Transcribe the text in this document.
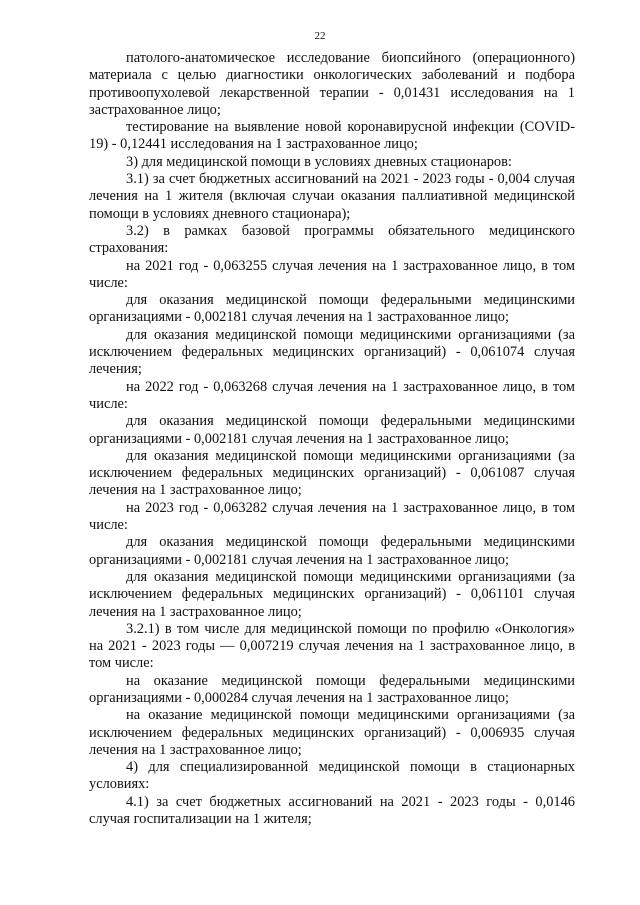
22

патолого-анатомическое исследование биопсийного (операционного) материала с целью диагностики онкологических заболеваний и подбора противоопухолевой лекарственной терапии - 0,01431 исследования на 1 застрахованное лицо;

тестирование на выявление новой коронавирусной инфекции (COVID-19) - 0,12441 исследования на 1 застрахованное лицо;

3) для медицинской помощи в условиях дневных стационаров:

3.1) за счет бюджетных ассигнований на 2021 - 2023 годы - 0,004 случая лечения на 1 жителя (включая случаи оказания паллиативной медицинской помощи в условиях дневного стационара);

3.2) в рамках базовой программы обязательного медицинского страхования:

на 2021 год - 0,063255 случая лечения на 1 застрахованное лицо, в том числе:

для оказания медицинской помощи федеральными медицинскими организациями - 0,002181 случая лечения на 1 застрахованное лицо;

для оказания медицинской помощи медицинскими организациями (за исключением федеральных медицинских организаций) - 0,061074 случая лечения;

на 2022 год - 0,063268 случая лечения на 1 застрахованное лицо, в том числе:

для оказания медицинской помощи федеральными медицинскими организациями - 0,002181 случая лечения на 1 застрахованное лицо;

для оказания медицинской помощи медицинскими организациями (за исключением федеральных медицинских организаций) - 0,061087 случая лечения на 1 застрахованное лицо;

на 2023 год - 0,063282 случая лечения на 1 застрахованное лицо, в том числе:

для оказания медицинской помощи федеральными медицинскими организациями - 0,002181 случая лечения на 1 застрахованное лицо;

для оказания медицинской помощи медицинскими организациями (за исключением федеральных медицинских организаций) - 0,061101 случая лечения на 1 застрахованное лицо;

3.2.1) в том числе для медицинской помощи по профилю «Онкология» на 2021 - 2023 годы — 0,007219 случая лечения на 1 застрахованное лицо, в том числе:

на оказание медицинской помощи федеральными медицинскими организациями - 0,000284 случая лечения на 1 застрахованное лицо;

на оказание медицинской помощи медицинскими организациями (за исключением федеральных медицинских организаций) - 0,006935 случая лечения на 1 застрахованное лицо;

4) для специализированной медицинской помощи в стационарных условиях:

4.1) за счет бюджетных ассигнований на 2021 - 2023 годы - 0,0146 случая госпитализации на 1 жителя;
